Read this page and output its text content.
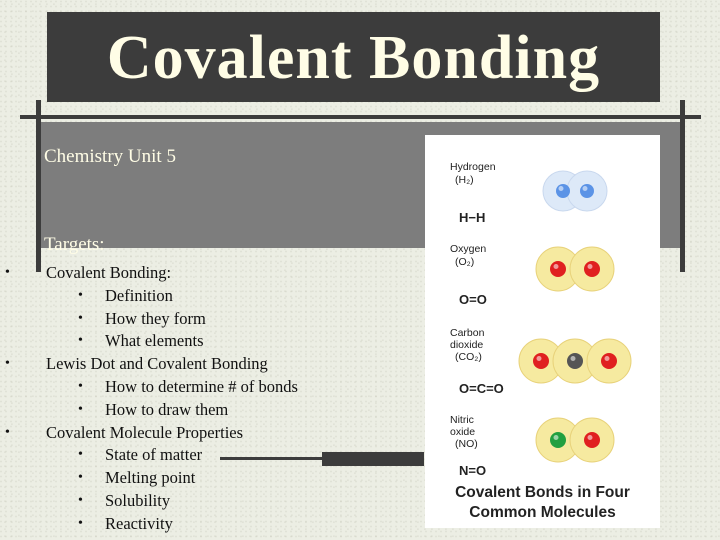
Covalent Bonding
Chemistry Unit 5
Targets:
• Covalent Bonding:
• Definition
• How they form
• What elements
• Lewis Dot and Covalent Bonding
• How to determine # of bonds
• How to draw them
• Covalent Molecule Properties
• State of matter
• Melting point
• Solubility
• Reactivity
Hydrogen
(H₂)
H−H
Oxygen
(O₂)
O=O
Carbon
dioxide
(CO₂)
O=C=O
Nitric
oxide
(NO)
N=O
Covalent Bonds in Four
Common Molecules
